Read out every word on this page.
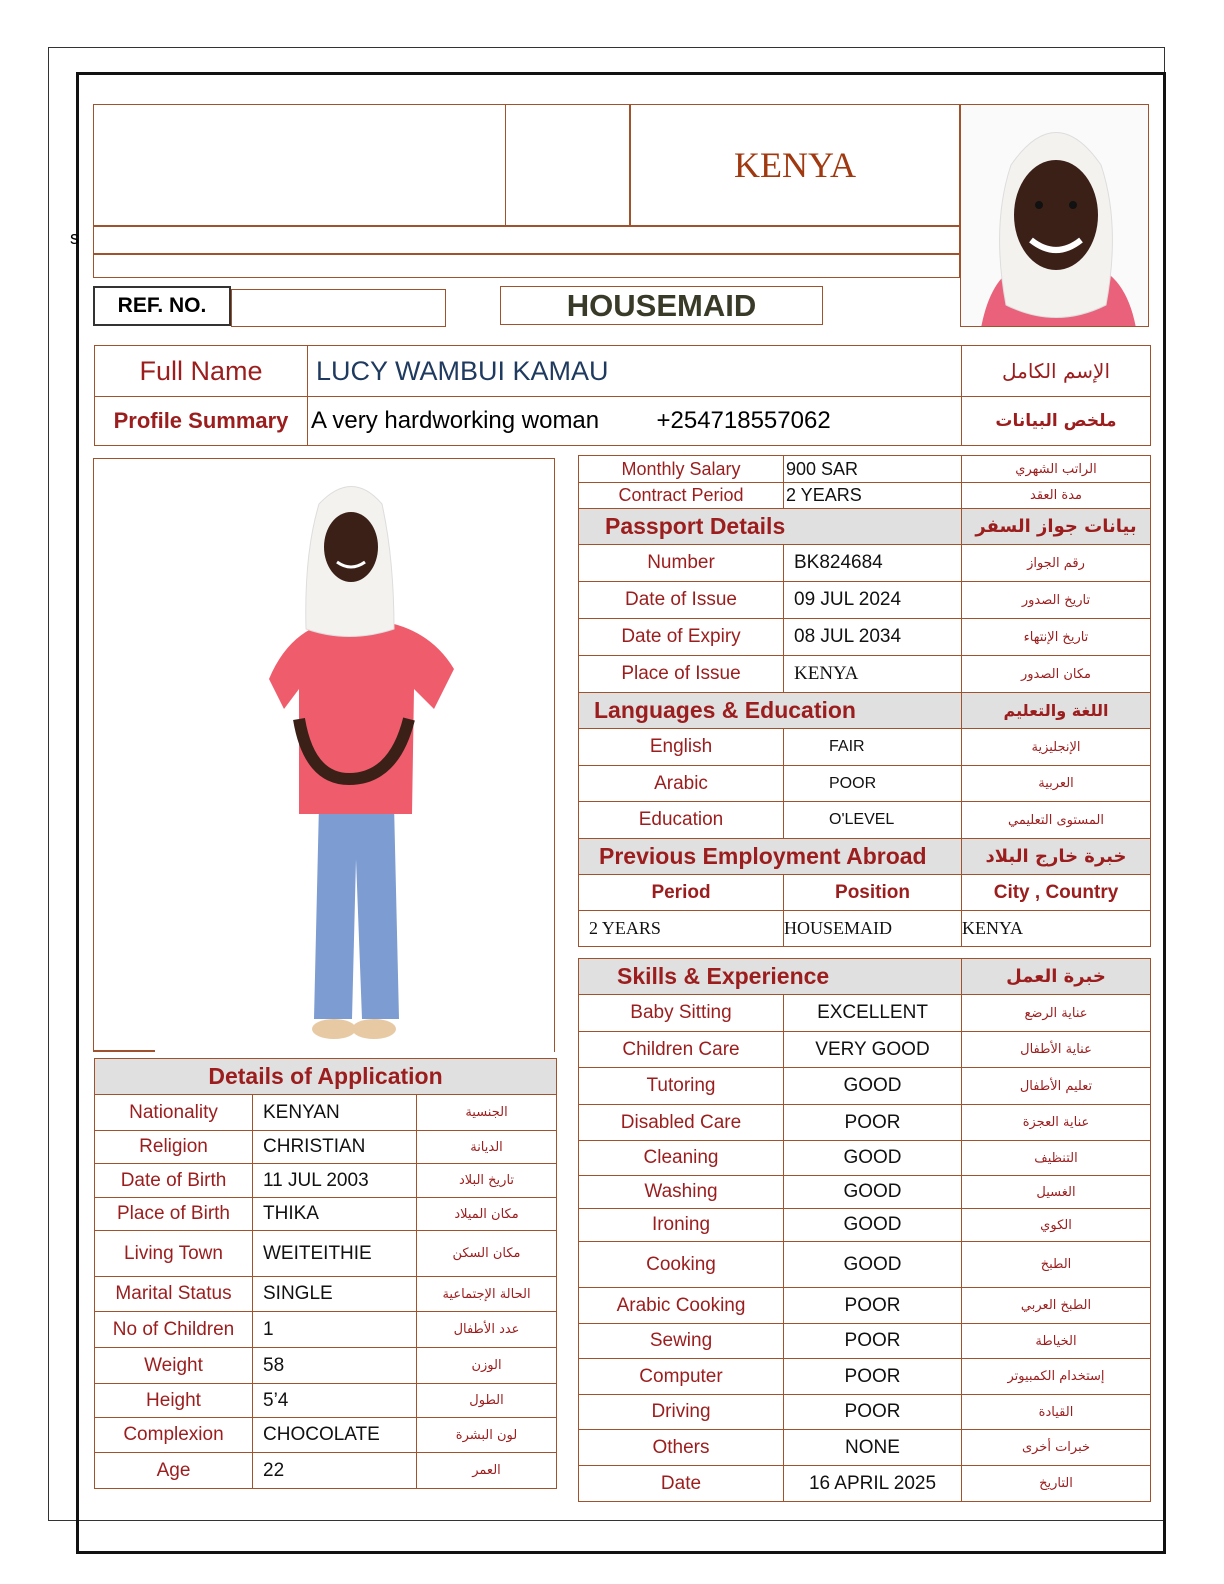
KENYA
s
REF. NO.	HOUSEMAID
Full Name	LUCY WAMBUI KAMAU	الإسم الكامل
Profile Summary	A very hardworking woman +254718557062	ملخص البيانات
Details of Application		
Nationality	KENYAN	الجنسية
Religion	CHRISTIAN	الديانة
Date of Birth	11 JUL 2003	تاريخ البلاد
Place of Birth	THIKA	مكان الميلاد
Living Town	WEITEITHIE	مكان السكن
Marital Status	SINGLE	الحالة الإجتماعية
No of Children	1	عدد الأطفال
Weight	58	الوزن
Height	5’4	الطول
Complexion	CHOCOLATE	لون البشرة
Age	22	العمر
Monthly Salary	900 SAR	الراتب الشهري
Contract Period	2 YEARS	مدة العقد
Passport Details		بيانات جواز السفر
Number	BK824684	رقم الجواز
Date of Issue	09 JUL 2024	تاريخ الصدور
Date of Expiry	08 JUL 2034	تاريخ الإنتهاء
Place of Issue	KENYA	مكان الصدور
Languages & Education		اللغة والتعليم
English	FAIR	الإنجليزية
Arabic	POOR	العربية
Education	O'LEVEL	المستوى التعليمي
Previous Employment Abroad		خبرة خارج البلاد
Period	Position	City , Country
2 YEARS	HOUSEMAID	KENYA

Skills & Experience		خبرة العمل
Baby Sitting	EXCELLENT	عناية الرضع
Children Care	VERY GOOD	عناية الأطفال
Tutoring	GOOD	تعليم الأطفال
Disabled Care	POOR	عناية العجزة
Cleaning	GOOD	التنظيف
Washing	GOOD	الغسيل
Ironing	GOOD	الكوي
Cooking	GOOD	الطبخ
Arabic Cooking	POOR	الطبخ العربي
Sewing	POOR	الخياطة
Computer	POOR	إستخدام الكمبيوتر
Driving	POOR	القيادة
Others	NONE	خبرات أخرى
Date	16 APRIL 2025	التاريخ
